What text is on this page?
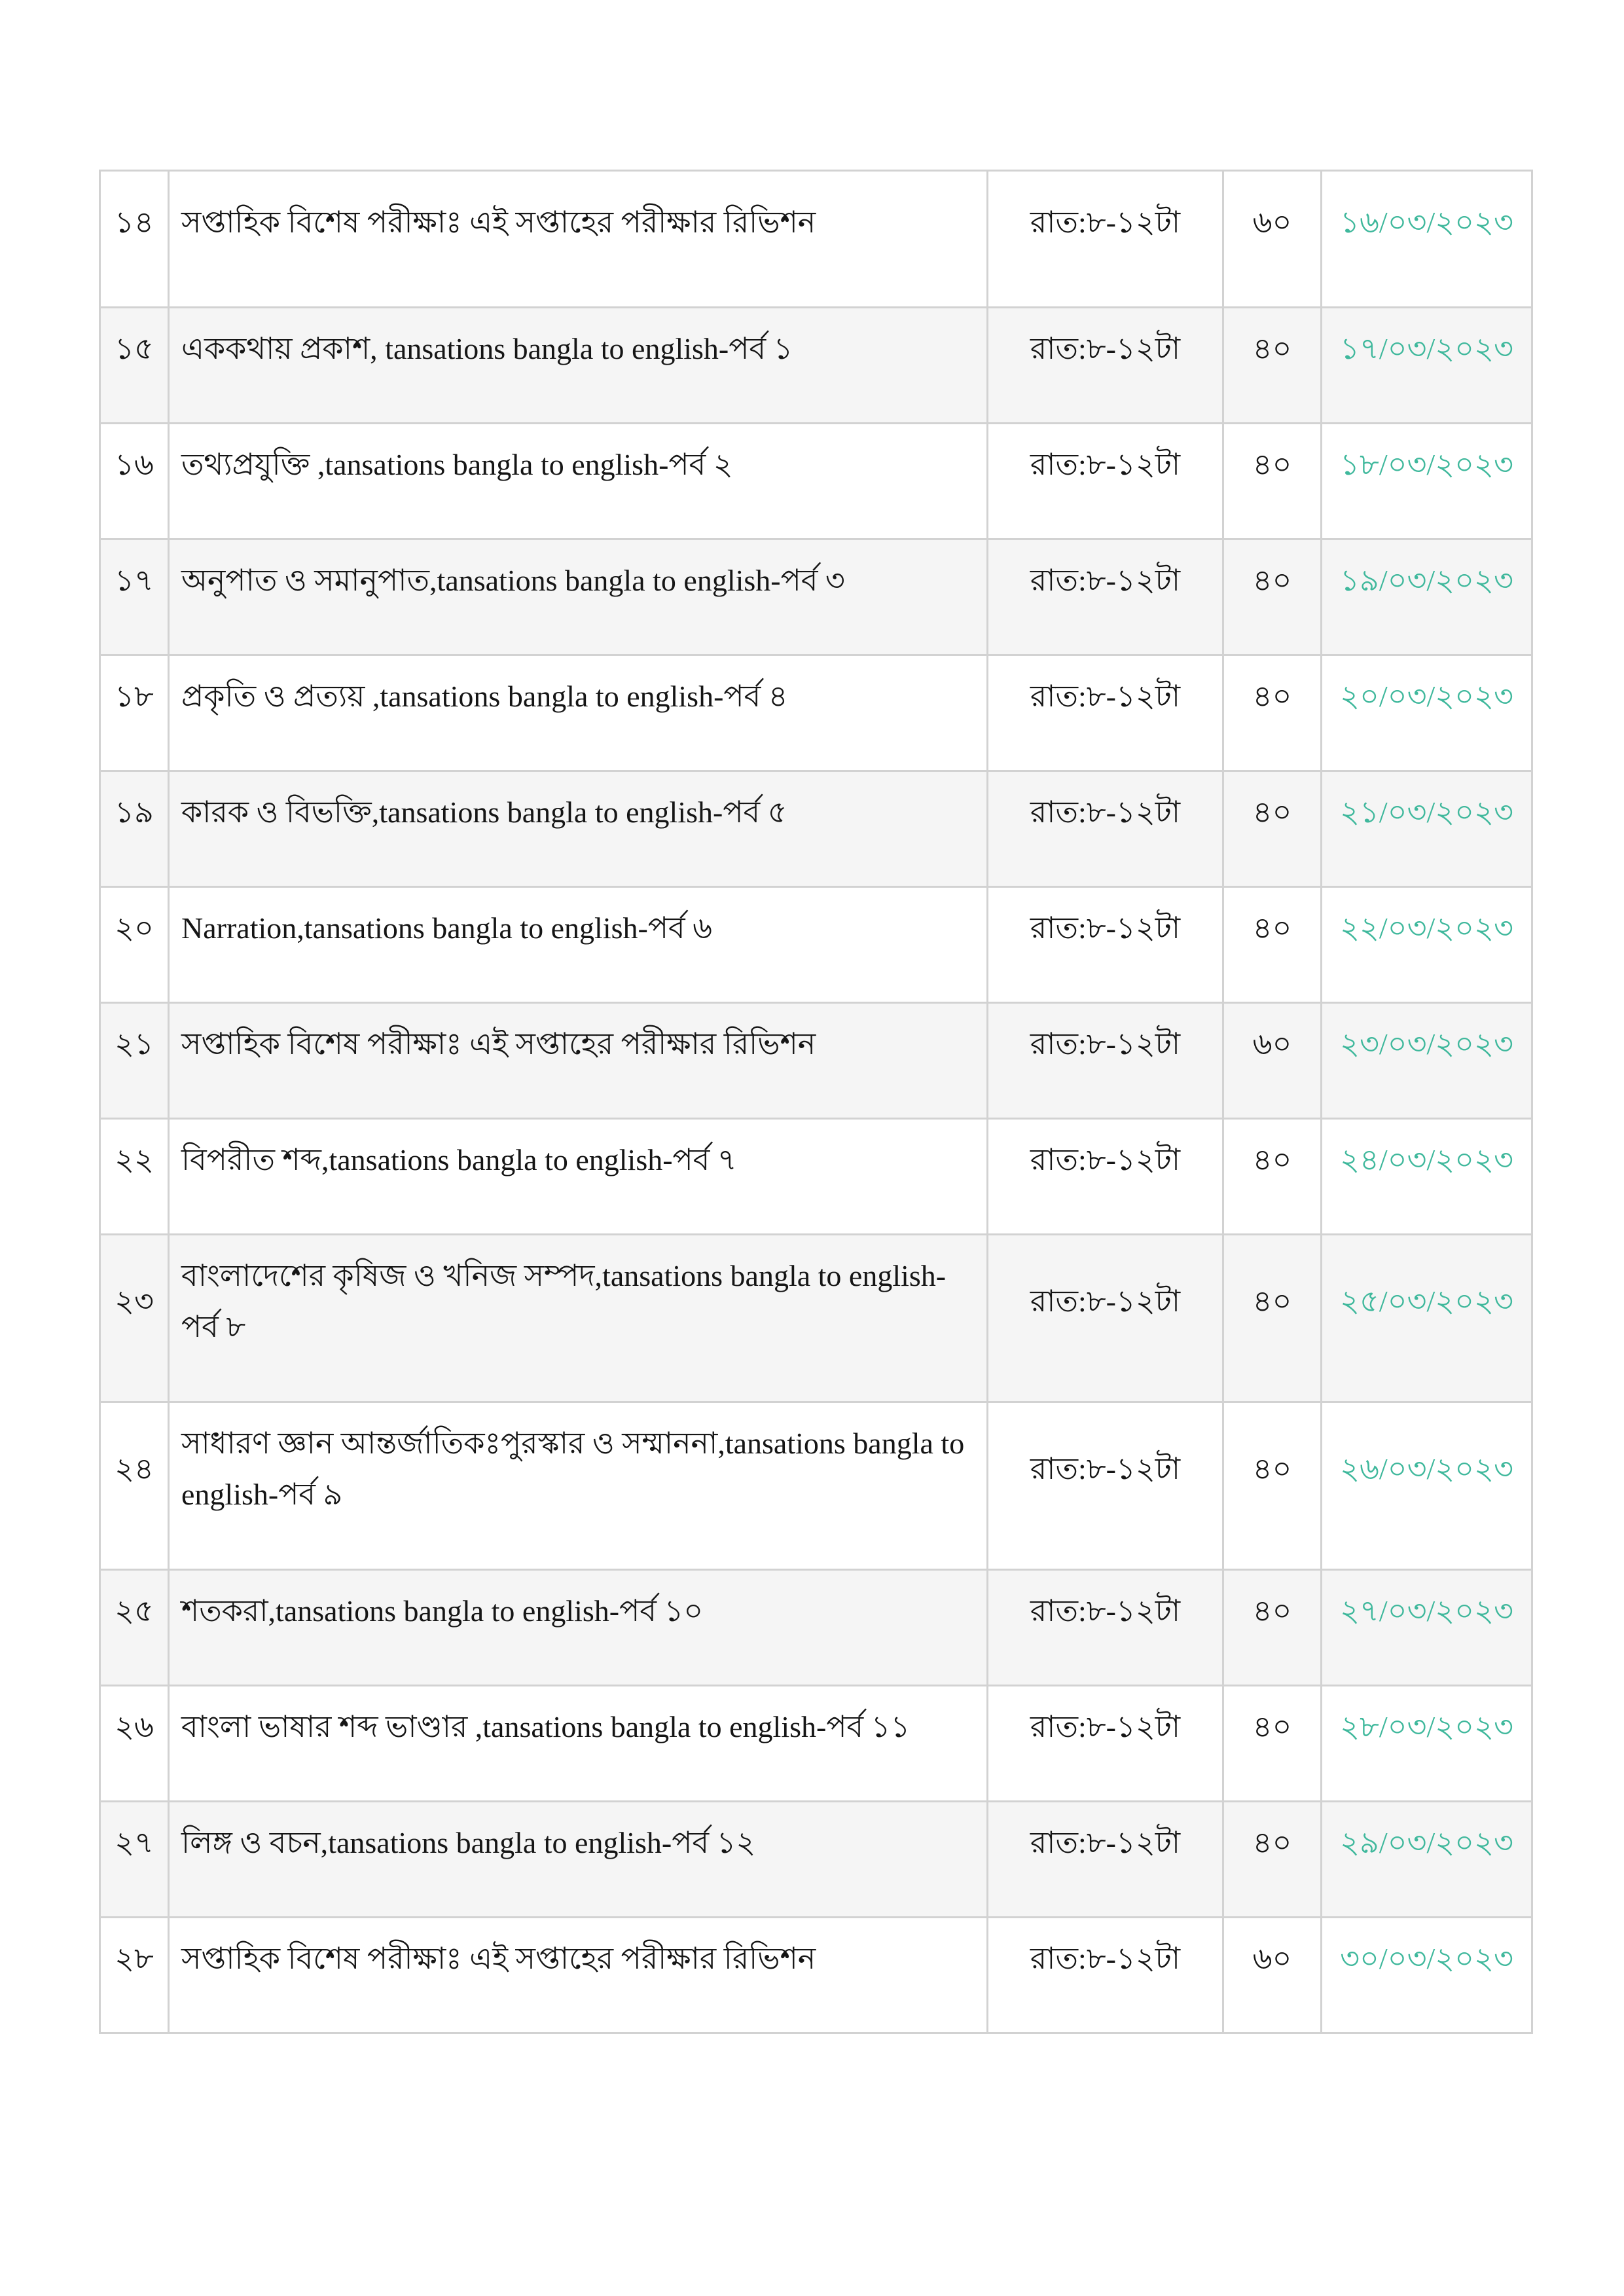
১৪	সপ্তাহিক বিশেষ পরীক্ষাঃ এই সপ্তাহের পরীক্ষার রিভিশন	রাত:৮-১২টা	৬০	১৬/০৩/২০২৩
১৫	এককথায় প্রকাশ, tansations bangla to english-পর্ব ১	রাত:৮-১২টা	৪০	১৭/০৩/২০২৩
১৬	তথ্যপ্রযুক্তি ,tansations bangla to english-পর্ব ২	রাত:৮-১২টা	৪০	১৮/০৩/২০২৩
১৭	অনুপাত ও সমানুপাত,tansations bangla to english-পর্ব ৩	রাত:৮-১২টা	৪০	১৯/০৩/২০২৩
১৮	প্রকৃতি ও প্রত্যয় ,tansations bangla to english-পর্ব ৪	রাত:৮-১২টা	৪০	২০/০৩/২০২৩
১৯	কারক ও বিভক্তি,tansations bangla to english-পর্ব ৫	রাত:৮-১২টা	৪০	২১/০৩/২০২৩
২০	Narration,tansations bangla to english-পর্ব ৬	রাত:৮-১২টা	৪০	২২/০৩/২০২৩
২১	সপ্তাহিক বিশেষ পরীক্ষাঃ এই সপ্তাহের পরীক্ষার রিভিশন	রাত:৮-১২টা	৬০	২৩/০৩/২০২৩
২২	বিপরীত শব্দ,tansations bangla to english-পর্ব ৭	রাত:৮-১২টা	৪০	২৪/০৩/২০২৩
২৩	বাংলাদেশের কৃষিজ ও খনিজ সম্পদ,tansations bangla to english-পর্ব ৮	রাত:৮-১২টা	৪০	২৫/০৩/২০২৩
২৪	সাধারণ জ্ঞান আন্তর্জাতিকঃপুরস্কার ও সম্মাননা,tansations bangla to english-পর্ব ৯	রাত:৮-১২টা	৪০	২৬/০৩/২০২৩
২৫	শতকরা,tansations bangla to english-পর্ব ১০	রাত:৮-১২টা	৪০	২৭/০৩/২০২৩
২৬	বাংলা ভাষার শব্দ ভাণ্ডার ,tansations bangla to english-পর্ব ১১	রাত:৮-১২টা	৪০	২৮/০৩/২০২৩
২৭	লিঙ্গ ও বচন,tansations bangla to english-পর্ব ১২	রাত:৮-১২টা	৪০	২৯/০৩/২০২৩
২৮	সপ্তাহিক বিশেষ পরীক্ষাঃ এই সপ্তাহের পরীক্ষার রিভিশন	রাত:৮-১২টা	৬০	৩০/০৩/২০২৩
